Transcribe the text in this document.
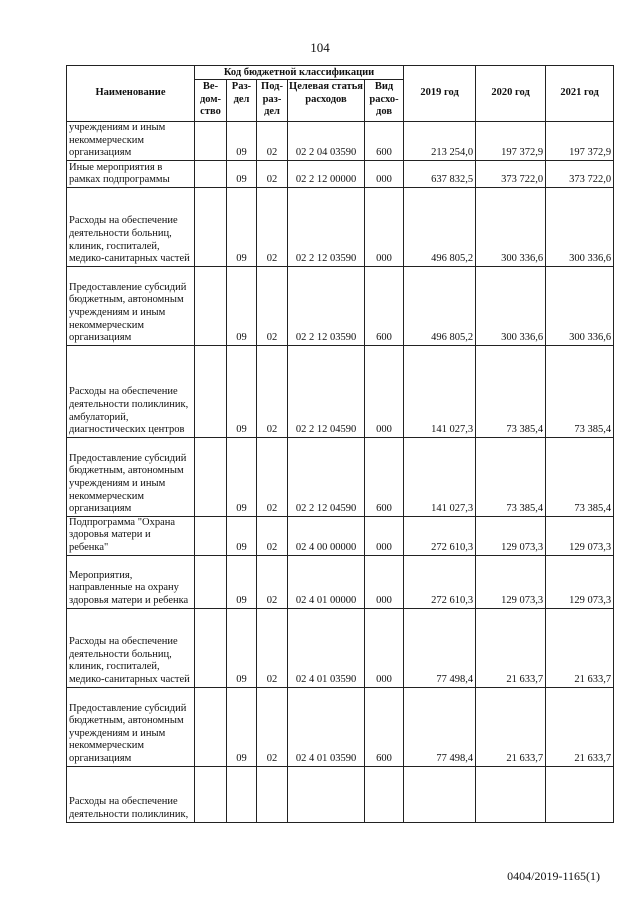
104
Наименование	Код бюджетной классификации					2019 год	2020 год	2021 год
	Ве-дом-ство	Раз-дел	Под-раз-дел	Целевая статья расходов	Вид расхо-дов			
учреждениям и иным некоммерческим организациям		09	02	02 2 04 03590	600	213 254,0	197 372,9	197 372,9
Иные мероприятия в рамках подпрограммы		09	02	02 2 12 00000	000	637 832,5	373 722,0	373 722,0
Расходы на обеспечение деятельности больниц, клиник, госпиталей, медико-санитарных частей		09	02	02 2 12 03590	000	496 805,2	300 336,6	300 336,6
Предоставление субсидий бюджетным, автономным учреждениям и иным некоммерческим организациям		09	02	02 2 12 03590	600	496 805,2	300 336,6	300 336,6
Расходы на обеспечение деятельности поликлиник, амбулаторий, диагностических центров		09	02	02 2 12 04590	000	141 027,3	73 385,4	73 385,4
Предоставление субсидий бюджетным, автономным учреждениям и иным некоммерческим организациям		09	02	02 2 12 04590	600	141 027,3	73 385,4	73 385,4
Подпрограмма "Охрана здоровья матери и ребенка"		09	02	02 4 00 00000	000	272 610,3	129 073,3	129 073,3
Мероприятия, направленные на охрану здоровья матери и ребенка		09	02	02 4 01 00000	000	272 610,3	129 073,3	129 073,3
Расходы на обеспечение деятельности больниц, клиник, госпиталей, медико-санитарных частей		09	02	02 4 01 03590	000	77 498,4	21 633,7	21 633,7
Предоставление субсидий бюджетным, автономным учреждениям и иным некоммерческим организациям		09	02	02 4 01 03590	600	77 498,4	21 633,7	21 633,7
Расходы на обеспечение деятельности поликлиник,								
0404/2019-1165(1)
